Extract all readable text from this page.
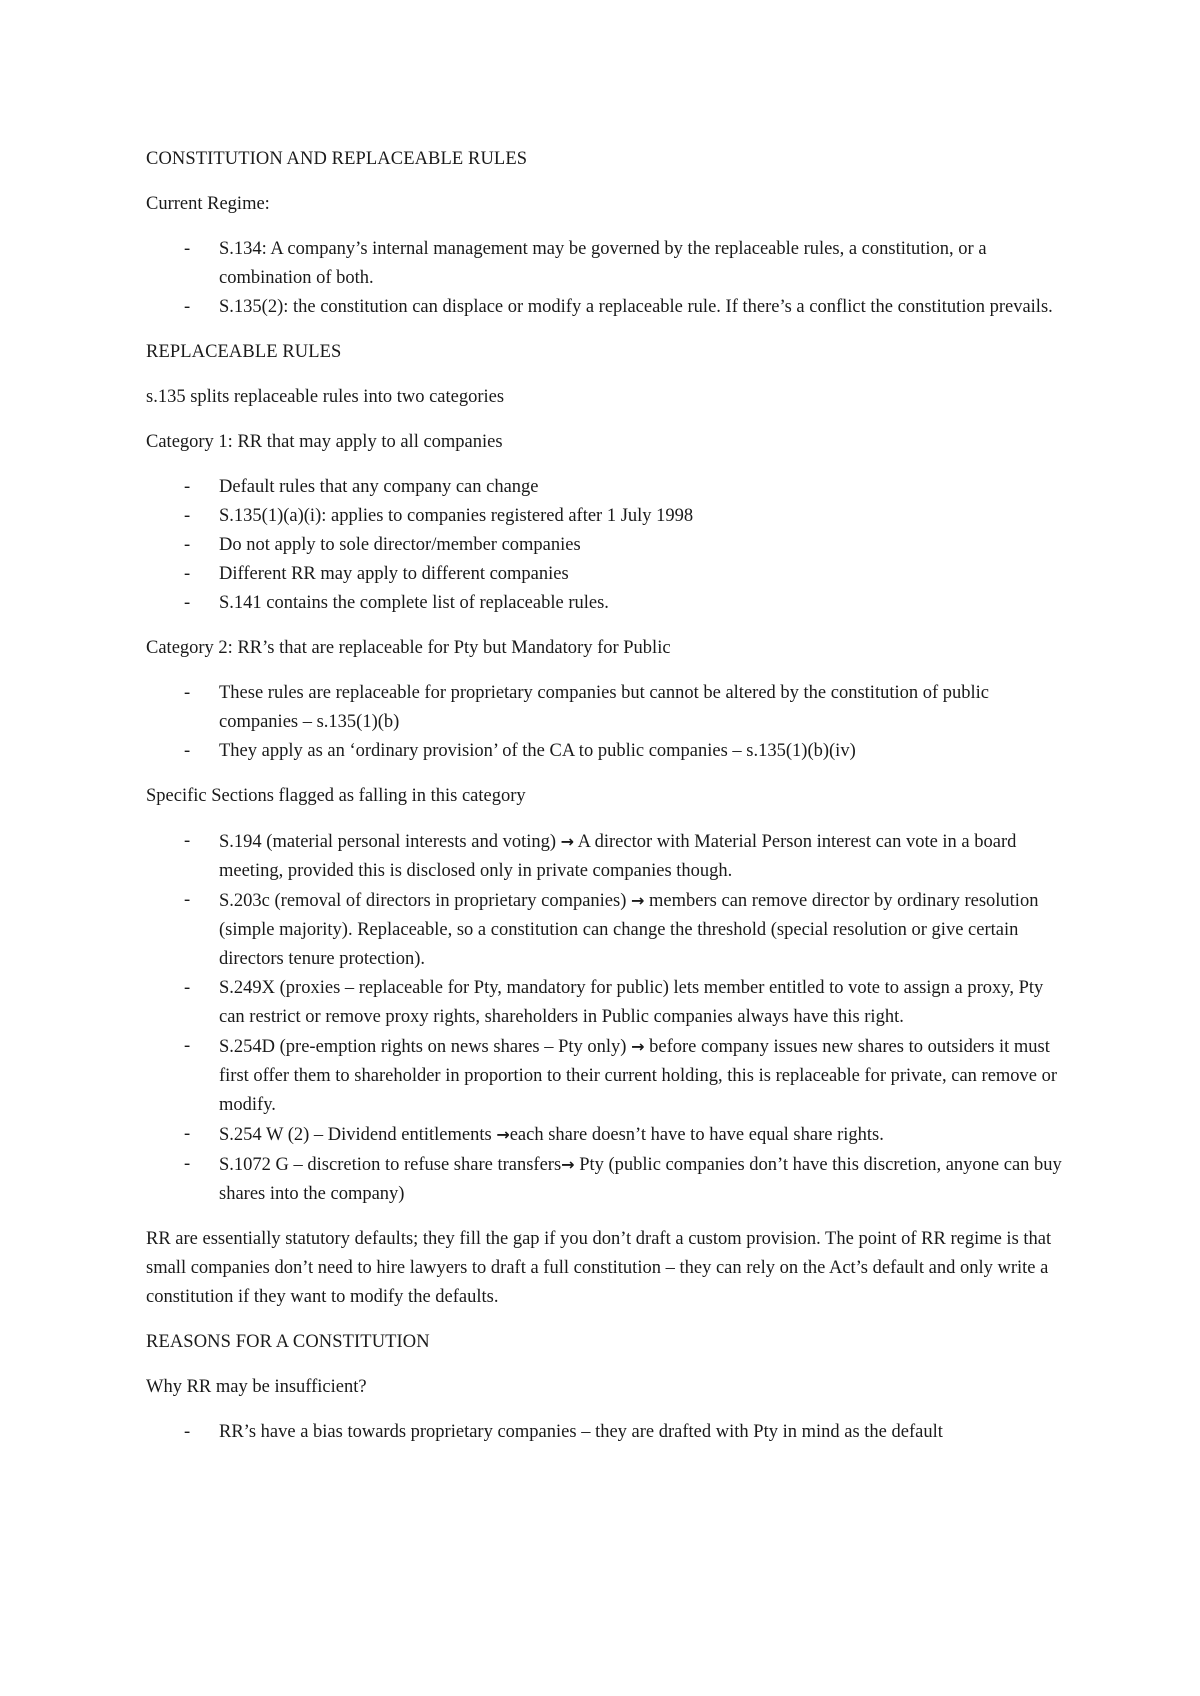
CONSTITUTION AND REPLACEABLE RULES
Current Regime:
- S.134: A company’s internal management may be governed by the replaceable rules, a constitution, or a combination of both.
- S.135(2): the constitution can displace or modify a replaceable rule. If there’s a conflict the constitution prevails.
REPLACEABLE RULES
s.135 splits replaceable rules into two categories
Category 1: RR that may apply to all companies
- Default rules that any company can change
- S.135(1)(a)(i): applies to companies registered after 1 July 1998
- Do not apply to sole director/member companies
- Different RR may apply to different companies
- S.141 contains the complete list of replaceable rules.
Category 2: RR’s that are replaceable for Pty but Mandatory for Public
- These rules are replaceable for proprietary companies but cannot be altered by the constitution of public companies – s.135(1)(b)
- They apply as an ‘ordinary provision’ of the CA to public companies – s.135(1)(b)(iv)
Specific Sections flagged as falling in this category
- S.194 (material personal interests and voting) → A director with Material Person interest can vote in a board meeting, provided this is disclosed only in private companies though.
- S.203c (removal of directors in proprietary companies) → members can remove director by ordinary resolution (simple majority). Replaceable, so a constitution can change the threshold (special resolution or give certain directors tenure protection).
- S.249X (proxies – replaceable for Pty, mandatory for public) lets member entitled to vote to assign a proxy, Pty can restrict or remove proxy rights, shareholders in Public companies always have this right.
- S.254D (pre-emption rights on news shares – Pty only) → before company issues new shares to outsiders it must first offer them to shareholder in proportion to their current holding, this is replaceable for private, can remove or modify.
- S.254 W (2) – Dividend entitlements →each share doesn’t have to have equal share rights.
- S.1072 G – discretion to refuse share transfers→ Pty (public companies don’t have this discretion, anyone can buy shares into the company)
RR are essentially statutory defaults; they fill the gap if you don’t draft a custom provision. The point of RR regime is that small companies don’t need to hire lawyers to draft a full constitution – they can rely on the Act’s default and only write a constitution if they want to modify the defaults.
REASONS FOR A CONSTITUTION
Why RR may be insufficient?
- RR’s have a bias towards proprietary companies – they are drafted with Pty in mind as the default
